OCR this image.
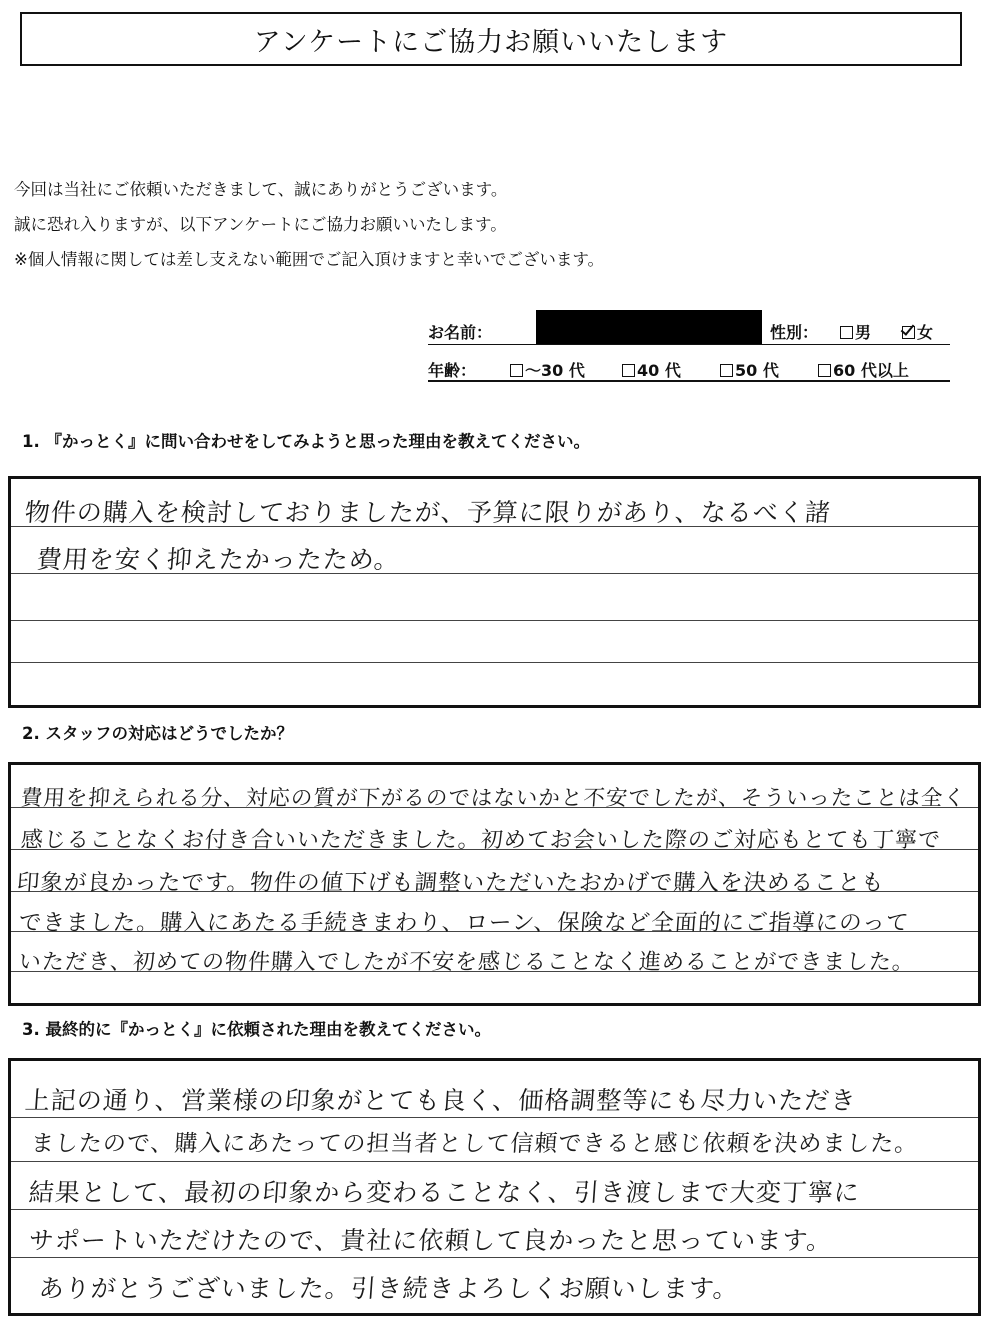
アンケートにご協力お願いいたします
今回は当社にご依頼いただきまして、誠にありがとうございます。
誠に恐れ入りますが、以下アンケートにご協力お願いいたします。
※個人情報に関しては差し支えない範囲でご記入頂けますと幸いでございます。
お名前：	性別：	男	女
年齢：	～30 代	40 代	50 代	60 代以上
1. 『かっとく』に問い合わせをしてみようと思った理由を教えてください。
物件の購入を検討しておりましたが、予算に限りがあり、なるべく諸
費用を安く抑えたかったため。
2. スタッフの対応はどうでしたか？
費用を抑えられる分、対応の質が下がるのではないかと不安でしたが、そういったことは全く
感じることなくお付き合いいただきました。初めてお会いした際のご対応もとても丁寧で
印象が良かったです。物件の値下げも調整いただいたおかげで購入を決めることも
できました。購入にあたる手続きまわり、ローン、保険など全面的にご指導にのって
いただき、初めての物件購入でしたが不安を感じることなく進めることができました。
3. 最終的に『かっとく』に依頼された理由を教えてください。
上記の通り、営業様の印象がとても良く、価格調整等にも尽力いただき
ましたので、購入にあたっての担当者として信頼できると感じ依頼を決めました。
結果として、最初の印象から変わることなく、引き渡しまで大変丁寧に
サポートいただけたので、貴社に依頼して良かったと思っています。
ありがとうございました。引き続きよろしくお願いします。
